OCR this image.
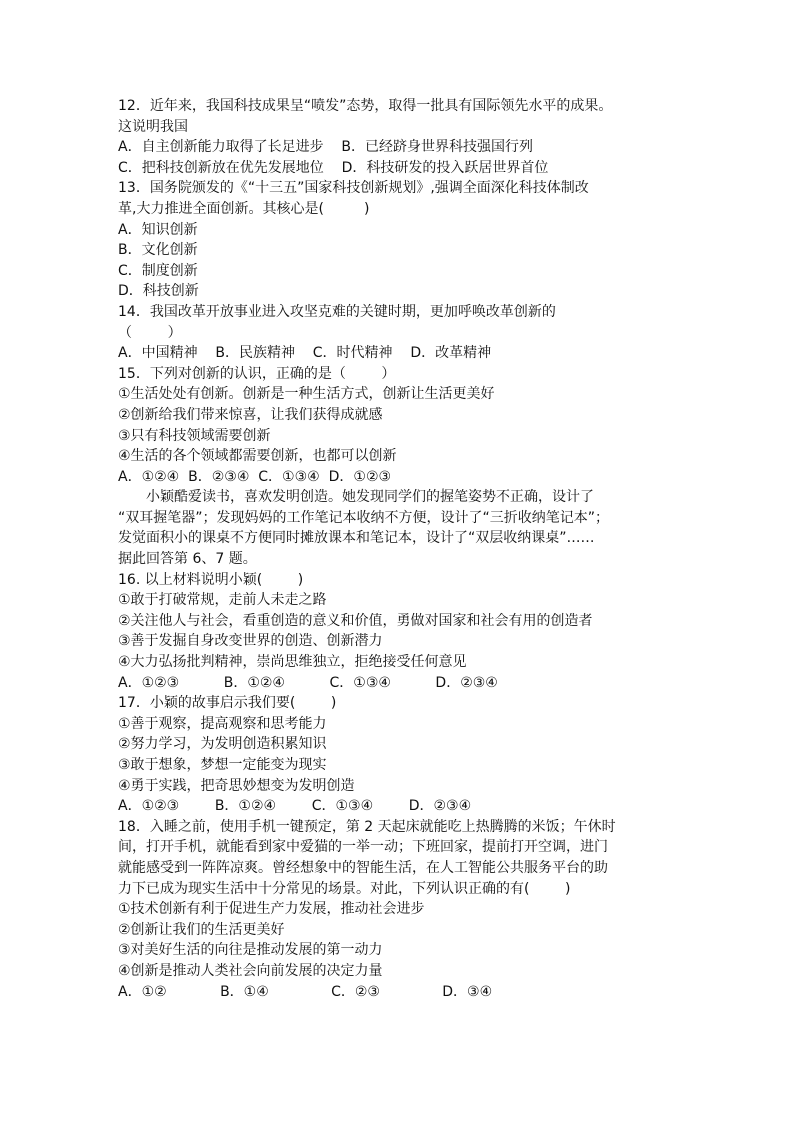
12．近年来，我国科技成果呈“喷发”态势，取得一批具有国际领先水平的成果。
这说明我国
A．自主创新能力取得了长足进步    B．已经跻身世界科技强国行列
C．把科技创新放在优先发展地位    D．科技研发的投入跃居世界首位
13．国务院颁发的《“十三五”国家科技创新规划》,强调全面深化科技体制改
革,大力推进全面创新。其核心是(         )
A．知识创新
B．文化创新
C．制度创新
D．科技创新
14．我国改革开放事业进入攻坚克难的关键时期，更加呼唤改革创新的
（        ）
A．中国精神    B．民族精神    C．时代精神    D．改革精神
15．下列对创新的认识，正确的是（        ）
①生活处处有创新。创新是一种生活方式，创新让生活更美好
②创新给我们带来惊喜，让我们获得成就感
③只有科技领域需要创新
④生活的各个领域都需要创新，也都可以创新
A．①②④  B．②③④  C．①③④  D．①②③
小颖酷爱读书，喜欢发明创造。她发现同学们的握笔姿势不正确，设计了
“双耳握笔器”；发现妈妈的工作笔记本收纳不方便，设计了“三折收纳笔记本”；
发觉面积小的课桌不方便同时摊放课本和笔记本，设计了“双层收纳课桌”……
据此回答第 6、7 题。
16. 以上材料说明小颖(        )
①敢于打破常规，走前人未走之路
②关注他人与社会，看重创造的意义和价值，勇做对国家和社会有用的创造者
③善于发掘自身改变世界的创造、创新潜力
④大力弘扬批判精神，崇尚思维独立，拒绝接受任何意见
A．①②③          B．①②④          C．①③④          D．②③④
17．小颖的故事启示我们要(        )
①善于观察，提高观察和思考能力
②努力学习，为发明创造积累知识
③敢于想象，梦想一定能变为现实
④勇于实践，把奇思妙想变为发明创造
A．①②③        B．①②④        C．①③④        D．②③④
18．入睡之前，使用手机一键预定，第 2 天起床就能吃上热腾腾的米饭；午休时
间，打开手机，就能看到家中爱猫的一举一动；下班回家，提前打开空调，进门
就能感受到一阵阵凉爽。曾经想象中的智能生活，在人工智能公共服务平台的助
力下已成为现实生活中十分常见的场景。对此，下列认识正确的有(        )
①技术创新有利于促进生产力发展，推动社会进步
②创新让我们的生活更美好
③对美好生活的向往是推动发展的第一动力
④创新是推动人类社会向前发展的决定力量
A．①②            B．①④              C．②③              D．③④
